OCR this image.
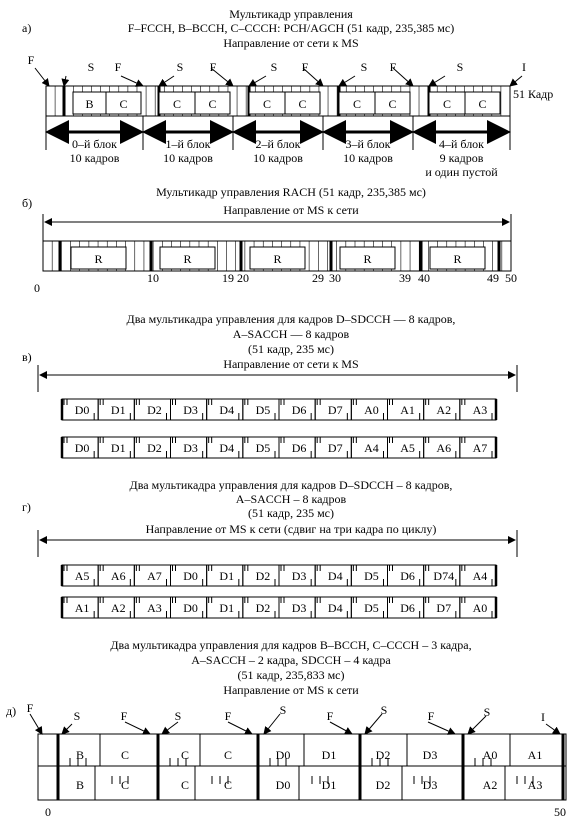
B C	C C	C C	C C	C C
F	S F	S F	S F	S F	S	I
0–й блок
10 кадров
1–й блок
10 кадров
2–й блок
10 кадров
3–й блок
10 кадров
4–й блок
9 кадров
и один пустой
R	R	R	R	R
0
10	19 20	29 30	39 40	49 50
D0 D1 D2 D3 D4 D5 D6 D7 A0 A1 A2 A3
D0 D1 D2 D3 D4 D5 D6 D7 A4 A5 A6 A7
A5 A6 A7 D0 D1 D2 D3 D4 D5 D6 D74 A4
A1 A2 A3 D0 D1 D2 D3 D4 D5 D6 D7 A0
B
B
C
C
C
C
C
C
D0
D0
D1
D1
D2
D2
D3
D3
A0
A2
A1
A3
F
S	F	S	F	S	F	S	F	S	I
0	50
а)
Мультикадр управления
F–FCCH, B–BCCH, C–CCCH: PCH/AGCH (51 кадр, 235,385 мс)
Направление от сети к MS
51 Кадр
б)
Мультикадр управления RACH (51 кадр, 235,385 мс)
Направление от MS к сети
в)
Два мультикадра управления для кадров D–SDCCH — 8 кадров,
A–SACCH — 8 кадров
(51 кадр, 235 мс)
Направление от сети к MS
г)
Два мультикадра управления для кадров D–SDCCH – 8 кадров,
A–SACCH – 8 кадров
(51 кадр, 235 мс)
Направление от MS к сети (сдвиг на три кадра по циклу)
д)
Два мультикадра управления для кадров B–BCCH, C–CCCH – 3 кадра,
A–SACCH – 2 кадра, SDCCH – 4 кадра
(51 кадр, 235,833 мс)
Направление от MS к сети
